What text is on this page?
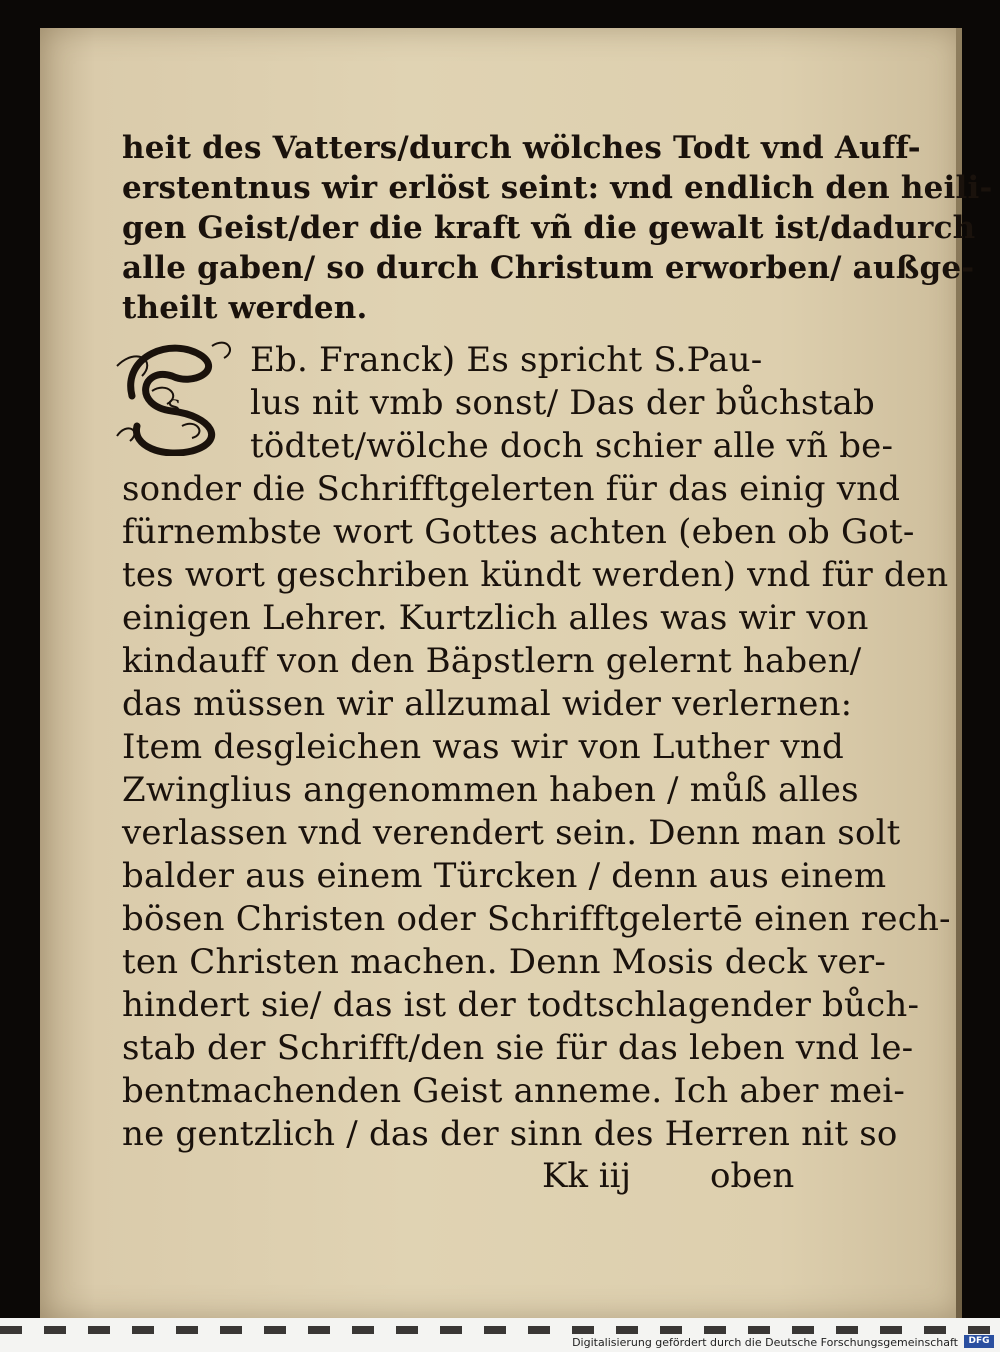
S
heit des Vatters/durch wölches Todt vnd Auff-
erstentnus wir erlöst seint: vnd endlich den heili-
gen Geist/der die kraft vñ die gewalt ist/dadurch
alle gaben/ so durch Christum erworben/ außge-
theilt werden.
Eb. Franck) Es spricht S.Pau-
lus nit vmb sonst/ Das der bůchstab
tödtet/wölche doch schier alle vñ be-
sonder die Schrifftgelerten für das einig vnd
fürnembste wort Gottes achten (eben ob Got-
tes wort geschriben kündt werden) vnd für den
einigen Lehrer. Kurtzlich alles was wir von
kindauff von den Bäpstlern gelernt haben/
das müssen wir allzumal wider verlernen:
Item desgleichen was wir von Luther vnd
Zwinglius angenommen haben / můß alles
verlassen vnd verendert sein. Denn man solt
balder aus einem Türcken / denn aus einem
bösen Christen oder Schrifftgelertē einen rech-
ten Christen machen. Denn Mosis deck ver-
hindert sie/ das ist der todtschlagender bůch-
stab der Schrifft/den sie für das leben vnd le-
bentmachenden Geist anneme. Ich aber mei-
ne gentzlich / das der sinn des Herren nit so
Kk iij oben
Digitalisierung gefördert durch die Deutsche Forschungsgemeinschaft	DFG
